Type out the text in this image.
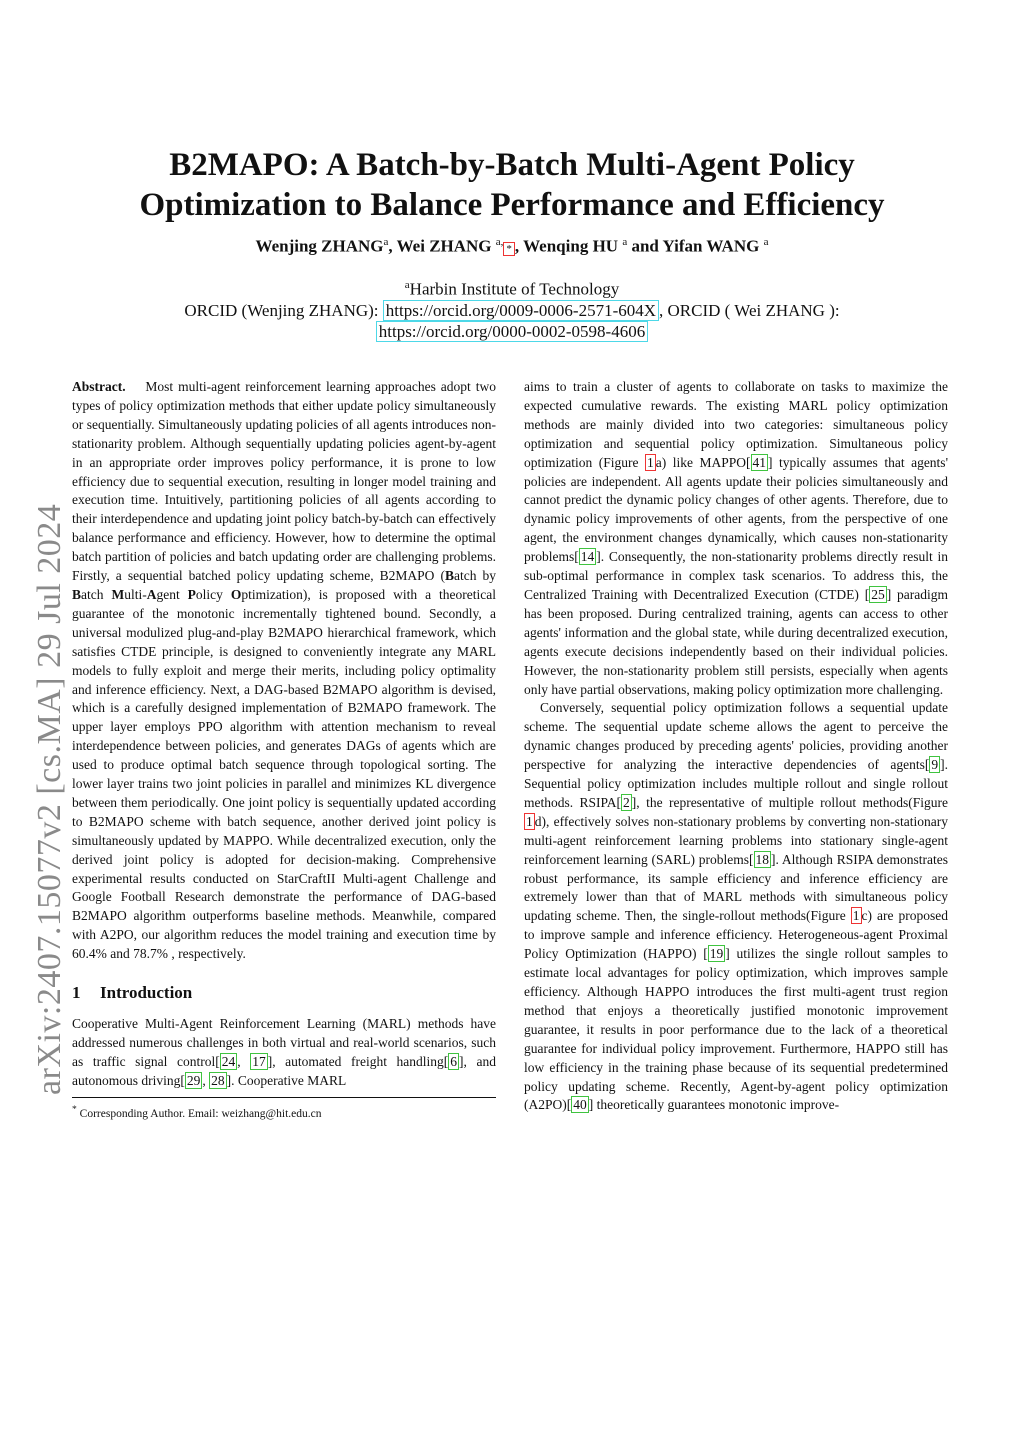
arXiv:2407.15077v2 [cs.MA] 29 Jul 2024
B2MAPO: A Batch-by-Batch Multi-Agent Policy
Optimization to Balance Performance and Efficiency
Wenjing ZHANG$^a$, Wei ZHANG $^{a,}$* , Wenqing HU $^a$ and Yifan WANG $^a$
$^a$Harbin Institute of Technology
ORCID (Wenjing ZHANG): https://orcid.org/0009-0006-2571-604X , ORCID ( Wei ZHANG ):
https://orcid.org/0000-0002-0598-4606

Abstract. Most multi-agent reinforcement learning approaches adopt two types of policy optimization methods that either update policy simultaneously or sequentially. Simultaneously updating policies of all agents introduces non-stationarity problem. Although sequentially updating policies agent-by-agent in an appropriate order improves policy performance, it is prone to low efficiency due to sequential execution, resulting in longer model training and execution time. Intuitively, partitioning policies of all agents according to their interdependence and updating joint policy batch-by-batch can effectively balance performance and efficiency. However, how to determine the optimal batch partition of policies and batch updating order are challenging problems. Firstly, a sequential batched policy updating scheme, B2MAPO (Batch by Batch Multi-Agent Policy Optimization), is proposed with a theoretical guarantee of the monotonic incrementally tightened bound. Secondly, a universal modulized plug-and-play B2MAPO hierarchical framework, which satisfies CTDE principle, is designed to conveniently integrate any MARL models to fully exploit and merge their merits, including policy optimality and inference efficiency. Next, a DAG-based B2MAPO algorithm is devised, which is a carefully designed implementation of B2MAPO framework. The upper layer employs PPO algorithm with attention mechanism to reveal interdependence between policies, and generates DAGs of agents which are used to produce optimal batch sequence through topological sorting. The lower layer trains two joint policies in parallel and minimizes KL divergence between them periodically. One joint policy is sequentially updated according to B2MAPO scheme with batch sequence, another derived joint policy is simultaneously updated by MAPPO. While decentralized execution, only the derived joint policy is adopted for decision-making. Comprehensive experimental results conducted on StarCraftII Multi-agent Challenge and Google Football Research demonstrate the performance of DAG-based B2MAPO algorithm outperforms baseline methods. Meanwhile, compared with A2PO, our algorithm reduces the model training and execution time by 60.4% and 78.7% , respectively.

1 Introduction

Cooperative Multi-Agent Reinforcement Learning (MARL) methods have addressed numerous challenges in both virtual and real-world scenarios, such as traffic signal control[ 24 , 17 ], automated freight handling[ 6 ], and autonomous driving[ 29 , 28 ]. Cooperative MARL

* Corresponding Author. Email: weizhang@hit.edu.cn

aims to train a cluster of agents to collaborate on tasks to maximize the expected cumulative rewards. The existing MARL policy optimization methods are mainly divided into two categories: simultaneous policy optimization and sequential policy optimization. Simultaneous policy optimization (Figure 1 a) like MAPPO[ 41 ] typically assumes that agents' policies are independent. All agents update their policies simultaneously and cannot predict the dynamic policy changes of other agents. Therefore, due to dynamic policy improvements of other agents, from the perspective of one agent, the environment changes dynamically, which causes non-stationarity problems[ 14 ]. Consequently, the non-stationarity problems directly result in sub-optimal performance in complex task scenarios. To address this, the Centralized Training with Decentralized Execution (CTDE) [ 25 ] paradigm has been proposed. During centralized training, agents can access to other agents' information and the global state, while during decentralized execution, agents execute decisions independently based on their individual policies. However, the non-stationarity problem still persists, especially when agents only have partial observations, making policy optimization more challenging.

Conversely, sequential policy optimization follows a sequential update scheme. The sequential update scheme allows the agent to perceive the dynamic changes produced by preceding agents' policies, providing another perspective for analyzing the interactive dependencies of agents[ 9 ]. Sequential policy optimization includes multiple rollout and single rollout methods. RSIPA[ 2 ], the representative of multiple rollout methods(Figure 1 d), effectively solves non-stationary problems by converting non-stationary multi-agent reinforcement learning problems into stationary single-agent reinforcement learning (SARL) problems[ 18 ]. Although RSIPA demonstrates robust performance, its sample efficiency and inference efficiency are extremely lower than that of MARL methods with simultaneous policy updating scheme. Then, the single-rollout methods(Figure 1 c) are proposed to improve sample and inference efficiency. Heterogeneous-agent Proximal Policy Optimization (HAPPO) [ 19 ] utilizes the single rollout samples to estimate local advantages for policy optimization, which improves sample efficiency. Although HAPPO introduces the first multi-agent trust region method that enjoys a theoretically justified monotonic improvement guarantee, it results in poor performance due to the lack of a theoretical guarantee for individual policy improvement. Furthermore, HAPPO still has low efficiency in the training phase because of its sequential predetermined policy updating scheme. Recently, Agent-by-agent policy optimization (A2PO)[ 40 ] theoretically guarantees monotonic improve-
